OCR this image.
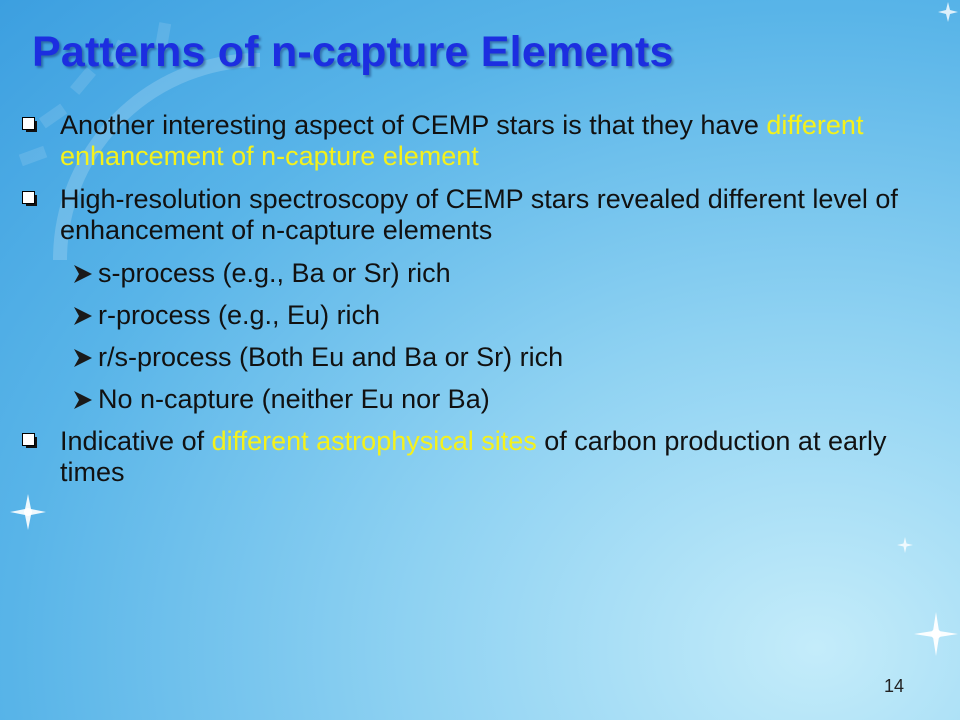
Patterns of n-capture Elements
Another interesting aspect of CEMP stars is that they have different enhancement of n-capture element
High-resolution spectroscopy of CEMP stars revealed different level of enhancement of n-capture elements
s-process (e.g., Ba or Sr) rich
r-process (e.g., Eu) rich
r/s-process (Both Eu and Ba or Sr) rich
No n-capture (neither Eu nor Ba)
Indicative of different astrophysical sites of carbon production at early times
14
